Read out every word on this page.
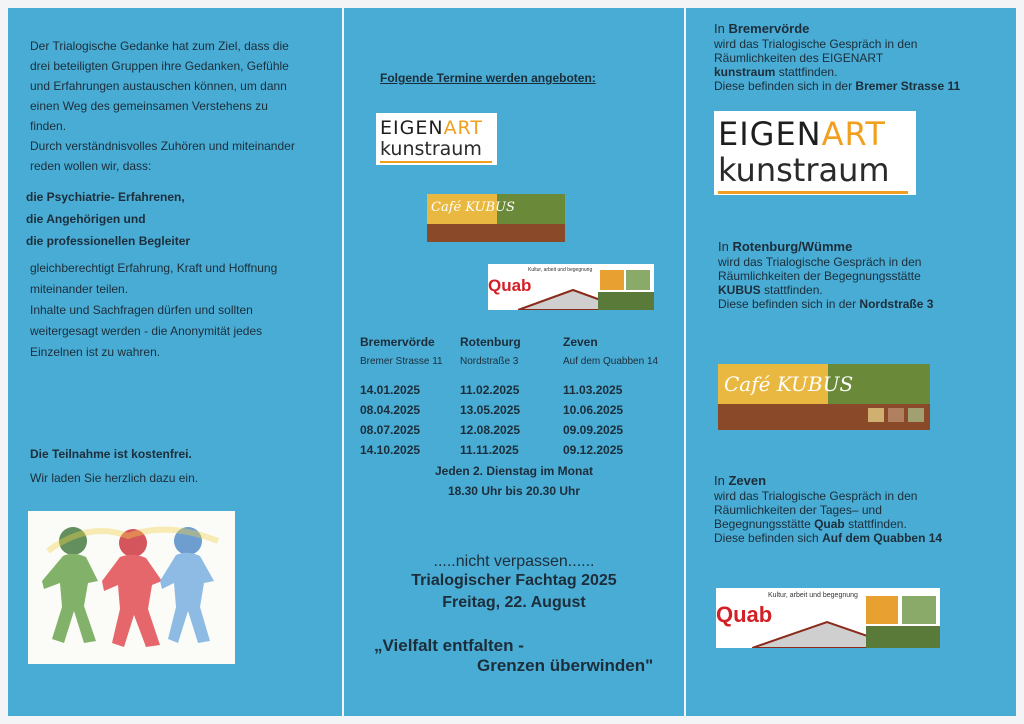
Der Trialogische Gedanke hat zum Ziel, dass die
drei beteiligten Gruppen ihre Gedanken, Gefühle
und Erfahrungen austauschen können, um dann
einen Weg des gemeinsamen Verstehens zu
finden.
Durch verständnisvolles Zuhören und miteinander
reden wollen wir, dass:
die Psychiatrie- Erfahrenen,
die Angehörigen und
die professionellen Begleiter
gleichberechtigt Erfahrung, Kraft und Hoffnung
miteinander teilen.
Inhalte und Sachfragen dürfen und sollten
weitergesagt werden - die Anonymität jedes
Einzelnen ist zu wahren.
Die Teilnahme ist kostenfrei.
Wir laden Sie herzlich dazu ein.
Folgende Termine werden angeboten:
EIGENART
kunstraum
Café KUBUS
Quab
Kultur, arbeit und begegnung
Bremervörde
Bremer Strasse 11
14.01.2025
08.04.2025
08.07.2025
14.10.2025
Rotenburg
Nordstraße 3
11.02.2025
13.05.2025
12.08.2025
11.11.2025
Zeven
Auf dem Quabben 14
11.03.2025
10.06.2025
09.09.2025
09.12.2025
Jeden 2. Dienstag im Monat
18.30 Uhr bis 20.30 Uhr
.....nicht verpassen......
Trialogischer Fachtag 2025
Freitag, 22. August
„Vielfalt entfalten -
Grenzen überwinden"
In Bremervörde
wird das Trialogische Gespräch in den
Räumlichkeiten des EIGENART
kunstraum stattfinden.
Diese befinden sich in der Bremer Strasse 11
EIGENART
kunstraum
In Rotenburg/Wümme
wird das Trialogische Gespräch in den
Räumlichkeiten der Begegnungsstätte
KUBUS stattfinden.
Diese befinden sich in der Nordstraße 3
Café KUBUS
In Zeven
wird das Trialogische Gespräch in den
Räumlichkeiten der Tages– und
Begegnungsstätte Quab stattfinden.
Diese befinden sich Auf dem Quabben 14
Quab
Kultur, arbeit und begegnung
